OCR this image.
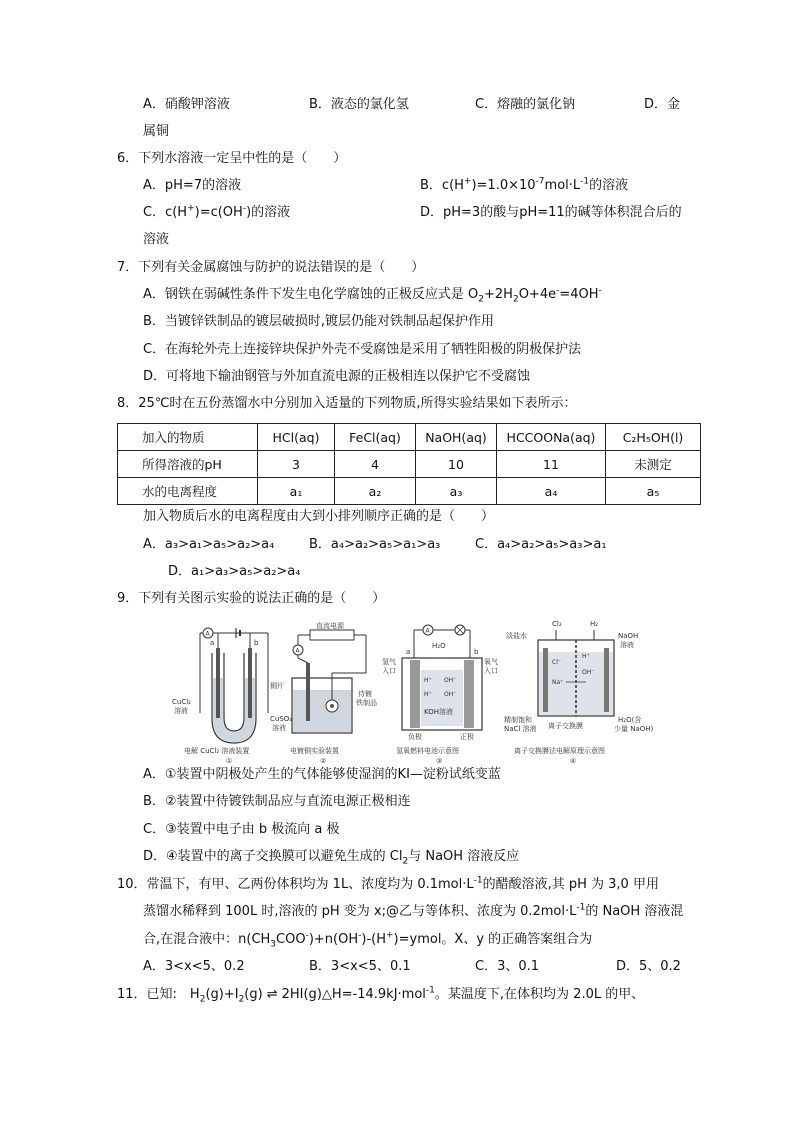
A．硝酸钾溶液	B．液态的氯化氢	C．熔融的氯化钠	D．金
属铜
6．下列水溶液一定呈中性的是（　　）
A．pH=7的溶液	B．$c(H^+)=1.0\times 10^{-7}mol\cdot L^{-1}$的溶液
C．c(H+)=c(OH-)的溶液	D．pH=3的酸与pH=11的碱等体积混合后的
溶液
7．下列有关金属腐蚀与防护的说法错误的是（　　）
A．钢铁在弱碱性条件下发生电化学腐蚀的正极反应式是 $O_2+2H_2O+4e^-=4OH^-$
B．当镀锌铁制品的镀层破损时,镀层仍能对铁制品起保护作用
C．在海轮外壳上连接锌块保护外壳不受腐蚀是采用了牺牲阳极的阴极保护法
D．可将地下输油钢管与外加直流电源的正极相连以保护它不受腐蚀
8．25℃时在五份蒸馏水中分别加入适量的下列物质,所得实验结果如下表所示：
加入的物质	HCl(aq)	FeCl(aq)	NaOH(aq)	HCCOONa(aq)	C₂H₅OH(l)
所得溶液的pH	3	4	10	11	未测定
水的电离程度	a₁	a₂	a₃	a₄	a₅
加入物质后水的电离程度由大到小排列顺序正确的是（　　）
A．a₃>a₁>a₅>a₂>a₄	B．a₄>a₂>a₅>a₁>a₃	C．a₄>a₂>a₅>a₃>a₁
D．a₁>a₃>a₅>a₂>a₄
9．下列有关图示实验的说法正确的是（　　）
A
a	b
CuCl₂
溶液
电解 CuCl₂ 溶液装置
①
直流电源
A
铜片
CuSO₄
溶液
待镀
铁制品
电镀铜实验装置
②
A
H₂O
H⁺ OH⁻
H⁺ OH⁻
KOH溶液
a	b
氢气
入口
氧气
入口
负极	正极
氢氧燃料电池示意图
③
Cl₂	H₂
Cl⁻
Na⁺
OH⁻
H⁺
淡盐水	NaOH
溶液
精制饱和
NaCl 溶液 离子交换膜
H₂O(含
少量 NaOH)
离子交换膜法电解原理示意图
④
A．①装置中阴极处产生的气体能够使湿润的KI—淀粉试纸变蓝
B．②装置中待镀铁制品应与直流电源正极相连
C．③装置中电子由 b 极流向 a 极
D．④装置中的离子交换膜可以避免生成的 $Cl_2$与 NaOH 溶液反应
10．常温下，有甲、乙两份体积均为 1L、浓度均为 $0.1mol\cdot L^{-1}$的醋酸溶液,其 pH 为 3,0 甲用
蒸馏水稀释到 100L 时,溶液的 pH 变为 x;@乙与等体积、浓度为 $0.2mol\cdot L^{-1}$的 NaOH 溶液混
合,在混合液中：$n(CH_3COO^-)+n(OH^-)-(H^+)=ymol$。X、y 的正确答案组合为
A．3<x<5、0.2	B．3<x<5、0.1	C．3、0.1	D．5、0.2
11．已知:　$H_2(g)+I_2(g)$ ⇌ 2HI(g)△H=-14.9kJ·mol$^{-1}$。某温度下,在体积均为 2.0L 的甲、
